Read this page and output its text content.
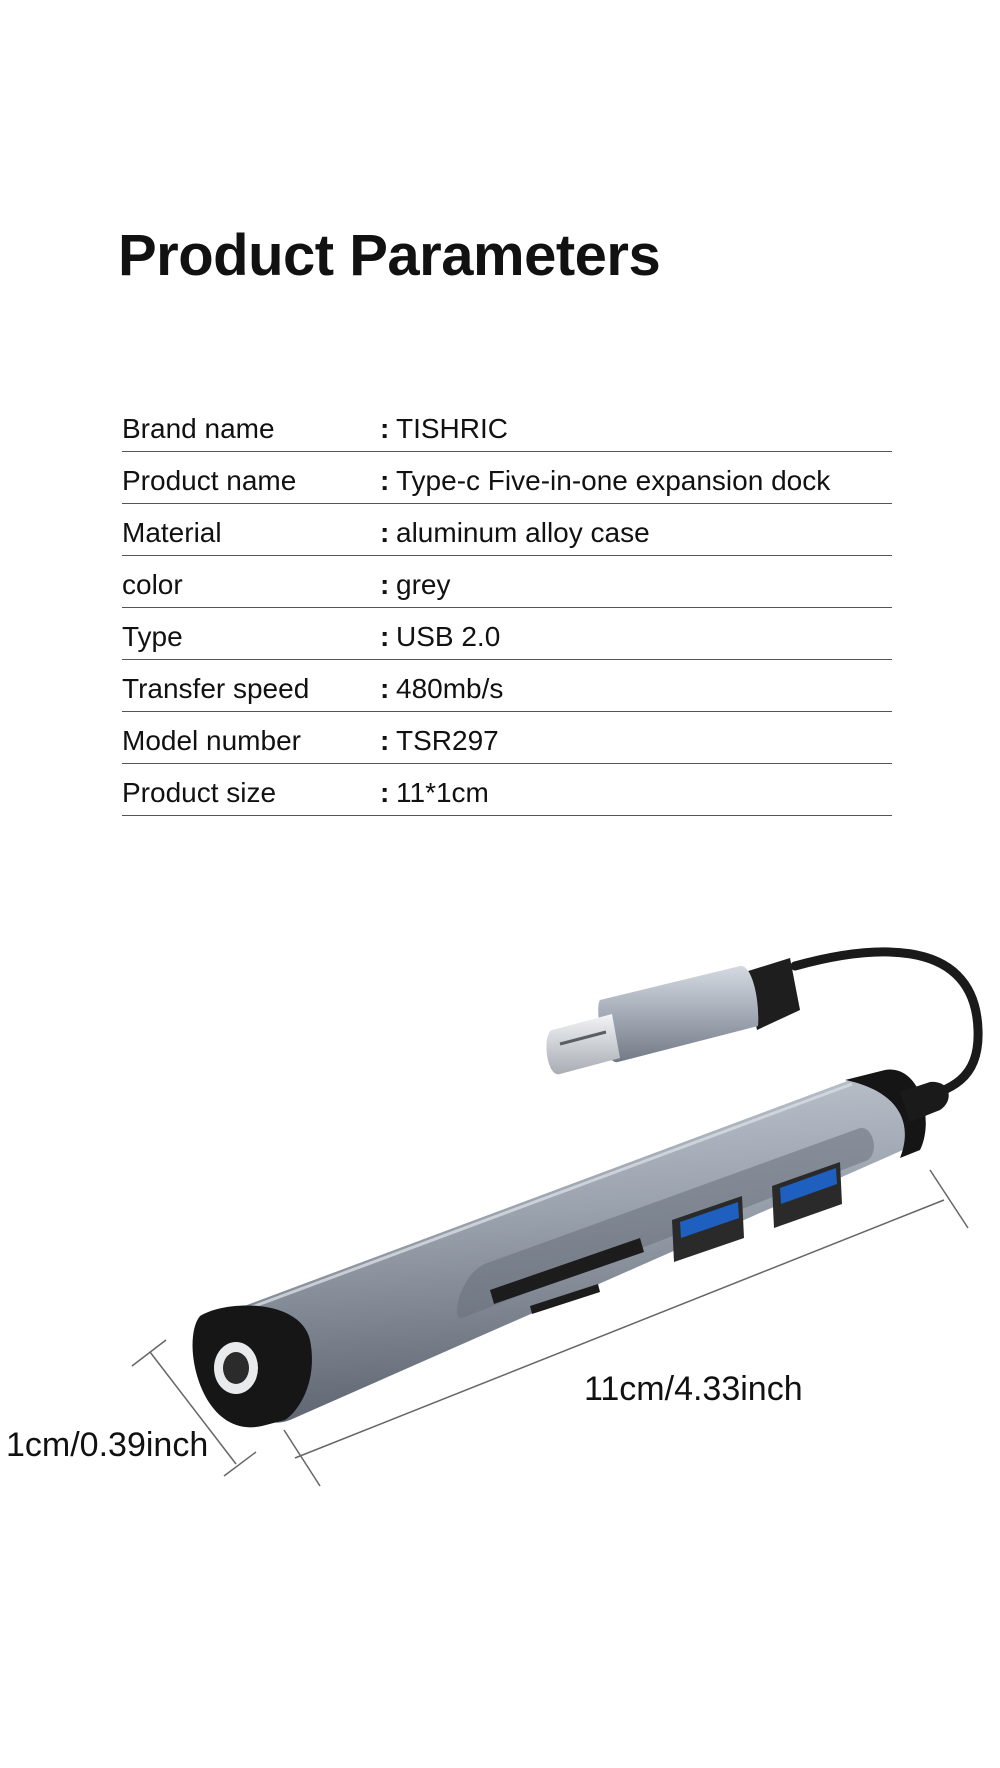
Product Parameters
Brand name	: TISHRIC
Product name	: Type-c Five-in-one expansion dock
Material	: aluminum alloy case
color	: grey
Type	: USB 2.0
Transfer speed	: 480mb/s
Model number	: TSR297
Product size	: 11*1cm
11cm/4.33inch
1cm/0.39inch
